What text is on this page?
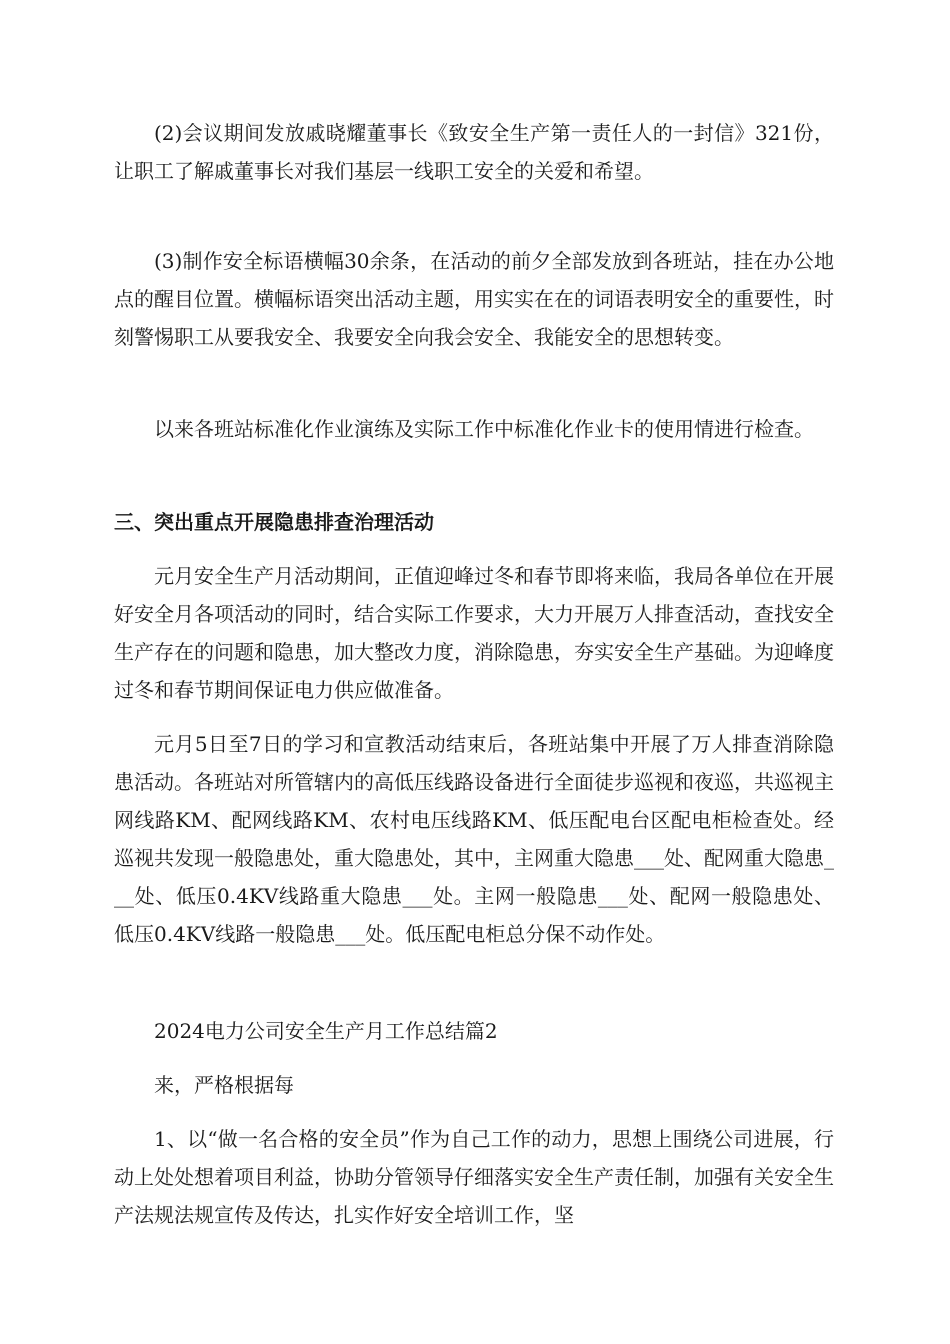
(2)会议期间发放戚晓耀董事长《致安全生产第一责任人的一封信》321份，让职工了解戚董事长对我们基层一线职工安全的关爱和希望。

(3)制作安全标语横幅30余条，在活动的前夕全部发放到各班站，挂在办公地点的醒目位置。横幅标语突出活动主题，用实实在在的词语表明安全的重要性，时刻警惕职工从要我安全、我要安全向我会安全、我能安全的思想转变。

以来各班站标准化作业演练及实际工作中标准化作业卡的使用情进行检查。

三、突出重点开展隐患排查治理活动

元月安全生产月活动期间，正值迎峰过冬和春节即将来临，我局各单位在开展好安全月各项活动的同时，结合实际工作要求，大力开展万人排查活动，查找安全生产存在的问题和隐患，加大整改力度，消除隐患，夯实安全生产基础。为迎峰度过冬和春节期间保证电力供应做准备。

元月5日至7日的学习和宣教活动结束后，各班站集中开展了万人排查消除隐患活动。各班站对所管辖内的高低压线路设备进行全面徒步巡视和夜巡，共巡视主网线路KM、配网线路KM、农村电压线路KM、低压配电台区配电柜检查处。经巡视共发现一般隐患处，重大隐患处，其中，主网重大隐患___处、配网重大隐患___处、低压0.4KV线路重大隐患___处。主网一般隐患___处、配网一般隐患处、低压0.4KV线路一般隐患___处。低压配电柜总分保不动作处。

2024电力公司安全生产月工作总结篇2

来，严格根据每

1、以“做一名合格的安全员”作为自己工作的动力，思想上围绕公司进展，行动上处处想着项目利益，协助分管领导仔细落实安全生产责任制，加强有关安全生产法规法规宣传及传达，扎实作好安全培训工作，坚
